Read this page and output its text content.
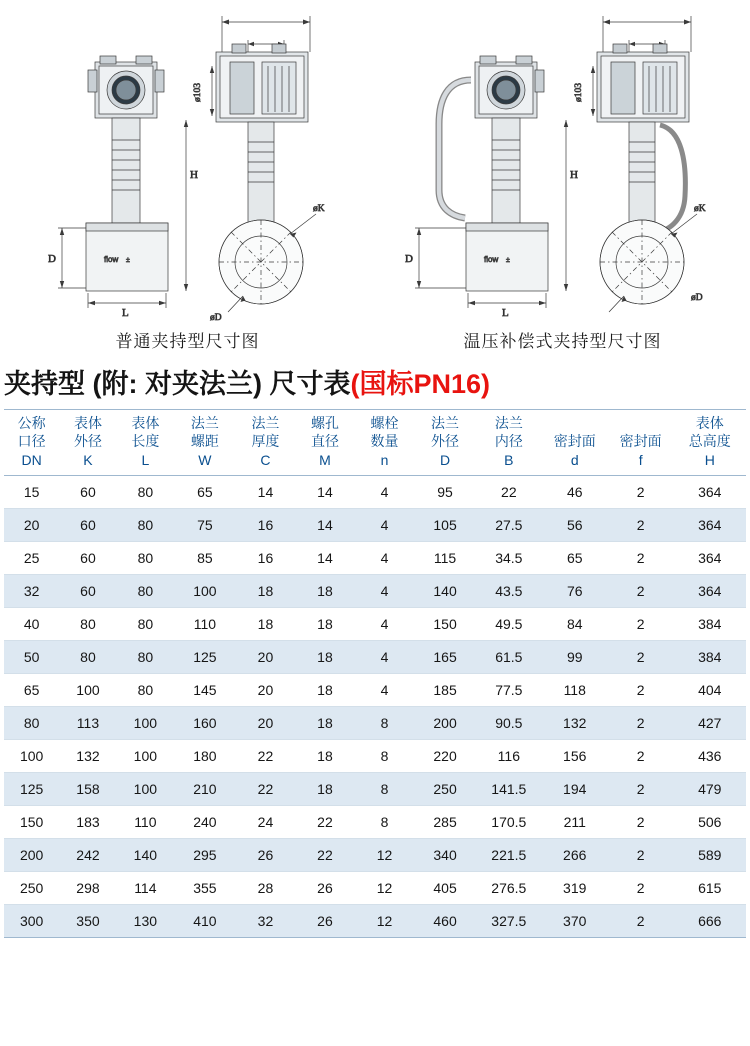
flow ±
H
D
L
ø103
øK
øD
普通夹持型尺寸图
flow ±
H
D
L
ø103
øK
øD
温压补偿式夹持型尺寸图
夹持型 (附: 对夹法兰) 尺寸表(国标PN16)
公称
口径
DN	表体
外径
K	表体
长度
L	法兰
螺距
W	法兰
厚度
C	螺孔
直径
M	螺栓
数量
n	法兰
外径
D	法兰
内径
B	密封面
d	密封面
f	表体
总高度
H

15	60	80	65	14	14	4	95	22	46	2	364
20	60	80	75	16	14	4	105	27.5	56	2	364
25	60	80	85	16	14	4	115	34.5	65	2	364
32	60	80	100	18	18	4	140	43.5	76	2	364
40	80	80	110	18	18	4	150	49.5	84	2	384
50	80	80	125	20	18	4	165	61.5	99	2	384
65	100	80	145	20	18	4	185	77.5	118	2	404
80	113	100	160	20	18	8	200	90.5	132	2	427
100	132	100	180	22	18	8	220	116	156	2	436
125	158	100	210	22	18	8	250	141.5	194	2	479
150	183	110	240	24	22	8	285	170.5	211	2	506
200	242	140	295	26	22	12	340	221.5	266	2	589
250	298	114	355	28	26	12	405	276.5	319	2	615
300	350	130	410	32	26	12	460	327.5	370	2	666
